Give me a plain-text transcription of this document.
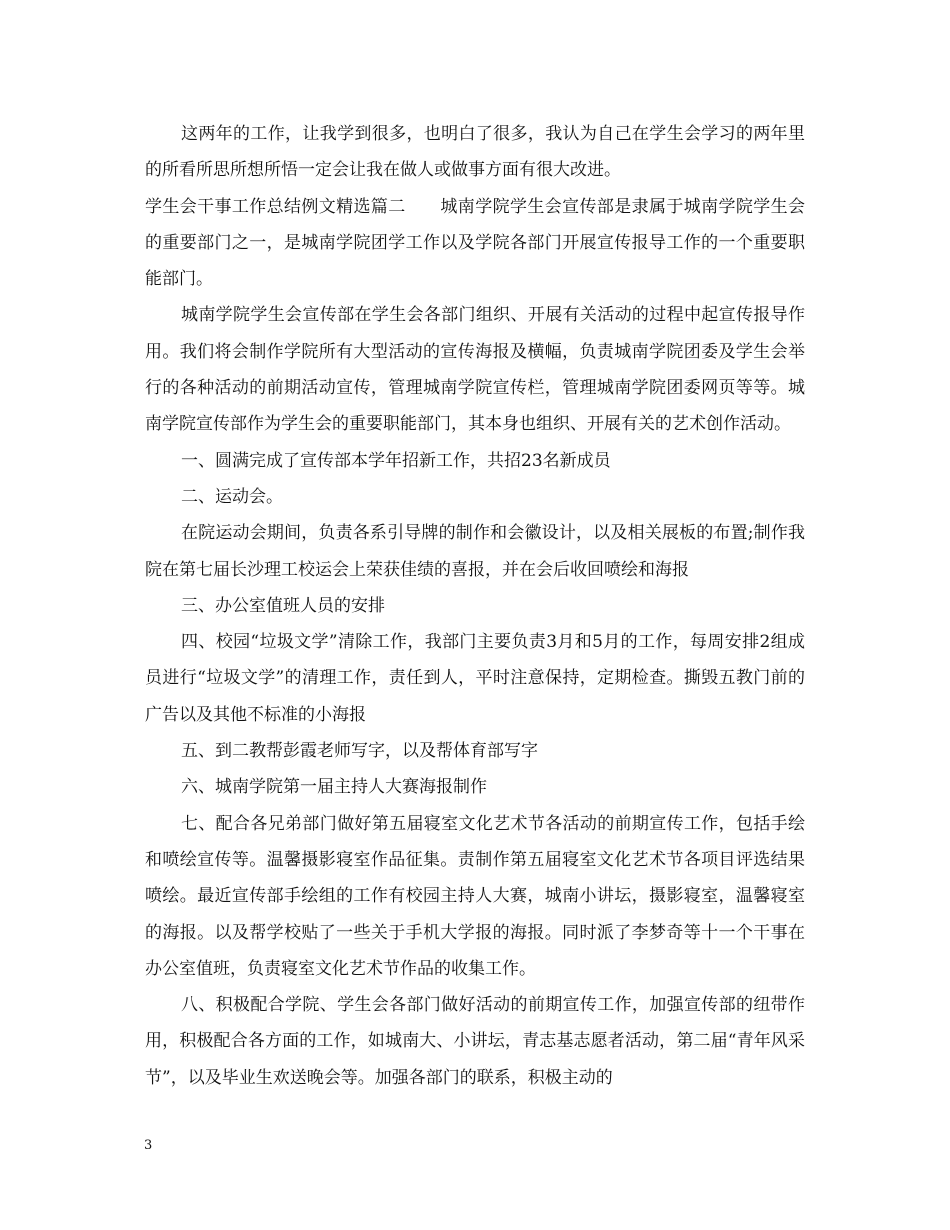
这两年的工作，让我学到很多，也明白了很多，我认为自己在学生会学习的两年里的所看所思所想所悟一定会让我在做人或做事方面有很大改进。

学生会干事工作总结例文精选篇二　　城南学院学生会宣传部是隶属于城南学院学生会的重要部门之一，是城南学院团学工作以及学院各部门开展宣传报导工作的一个重要职能部门。

城南学院学生会宣传部在学生会各部门组织、开展有关活动的过程中起宣传报导作用。我们将会制作学院所有大型活动的宣传海报及横幅，负责城南学院团委及学生会举行的各种活动的前期活动宣传，管理城南学院宣传栏，管理城南学院团委网页等等。城南学院宣传部作为学生会的重要职能部门，其本身也组织、开展有关的艺术创作活动。

一、圆满完成了宣传部本学年招新工作，共招23名新成员

二、运动会。

在院运动会期间，负责各系引导牌的制作和会徽设计，以及相关展板的布置;制作我院在第七届长沙理工校运会上荣获佳绩的喜报，并在会后收回喷绘和海报

三、办公室值班人员的安排

四、校园“垃圾文学”清除工作，我部门主要负责3月和5月的工作，每周安排2组成员进行“垃圾文学”的清理工作，责任到人，平时注意保持，定期检查。撕毁五教门前的广告以及其他不标准的小海报

五、到二教帮彭霞老师写字，以及帮体育部写字

六、城南学院第一届主持人大赛海报制作

七、配合各兄弟部门做好第五届寝室文化艺术节各活动的前期宣传工作，包括手绘和喷绘宣传等。温馨摄影寝室作品征集。责制作第五届寝室文化艺术节各项目评选结果喷绘。最近宣传部手绘组的工作有校园主持人大赛，城南小讲坛，摄影寝室，温馨寝室的海报。以及帮学校贴了一些关于手机大学报的海报。同时派了李梦奇等十一个干事在办公室值班，负责寝室文化艺术节作品的收集工作。

八、积极配合学院、学生会各部门做好活动的前期宣传工作，加强宣传部的纽带作用，积极配合各方面的工作，如城南大、小讲坛，青志基志愿者活动，第二届“青年风采节”，以及毕业生欢送晚会等。加强各部门的联系，积极主动的

3
